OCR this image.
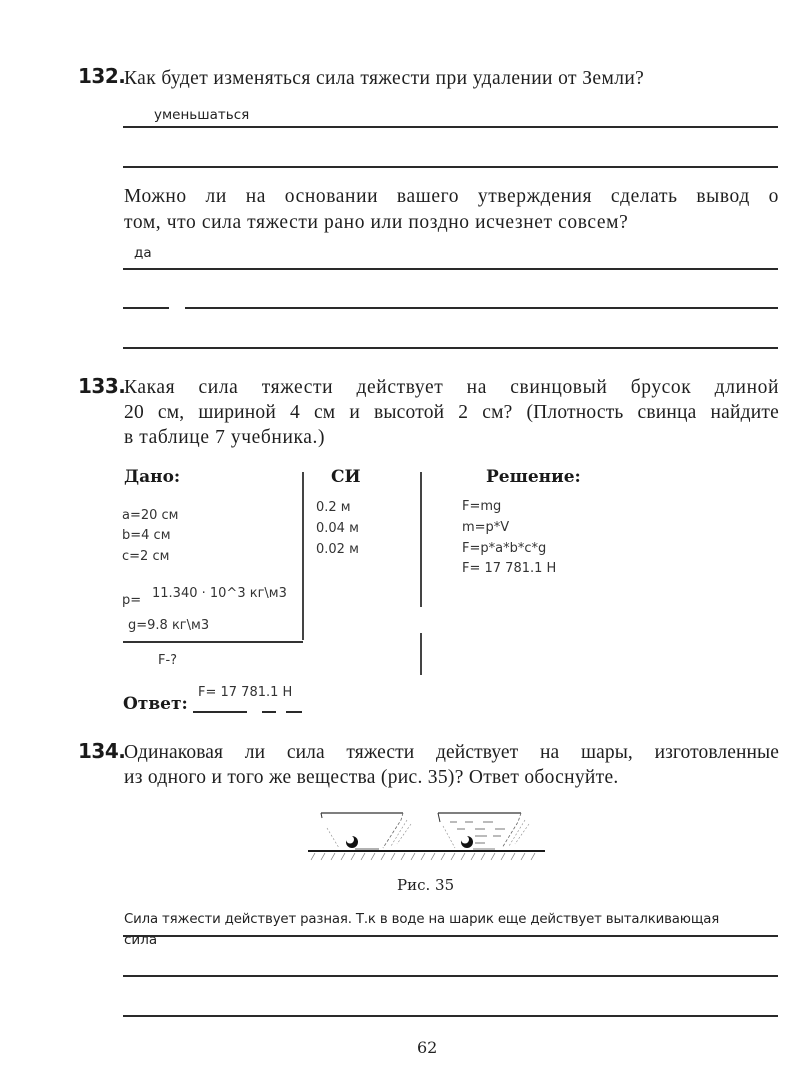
132.
Как будет изменяться сила тяжести при удалении от Земли?
уменьшаться
Можно ли на основании вашего утверждения сделать вывод о
том, что сила тяжести рано или поздно исчезнет совсем?
да
133.
Какая сила тяжести действует на свинцовый брусок длиной
20 см, шириной 4 см и высотой 2 см? (Плотность свинца найдите
в таблице 7 учебника.)
Дано:	СИ	Решение:
a=20 см
b=4 см
c=2 см
p= 11.340 · 10^3 кг\м3
g=9.8 кг\м3
F-?
0.2 м
0.04 м
0.02 м
F=mg
m=p*V
F=p*a*b*c*g
F= 17 781.1 H
Ответ:
F= 17 781.1 H
134.
Одинаковая ли сила тяжести действует на шары, изготовленные
из одного и того же вещества (рис. 35)? Ответ обоснуйте.
Рис. 35
Сила тяжести действует разная. Т.к в воде на шарик еще действует выталкивающая
сила
62
